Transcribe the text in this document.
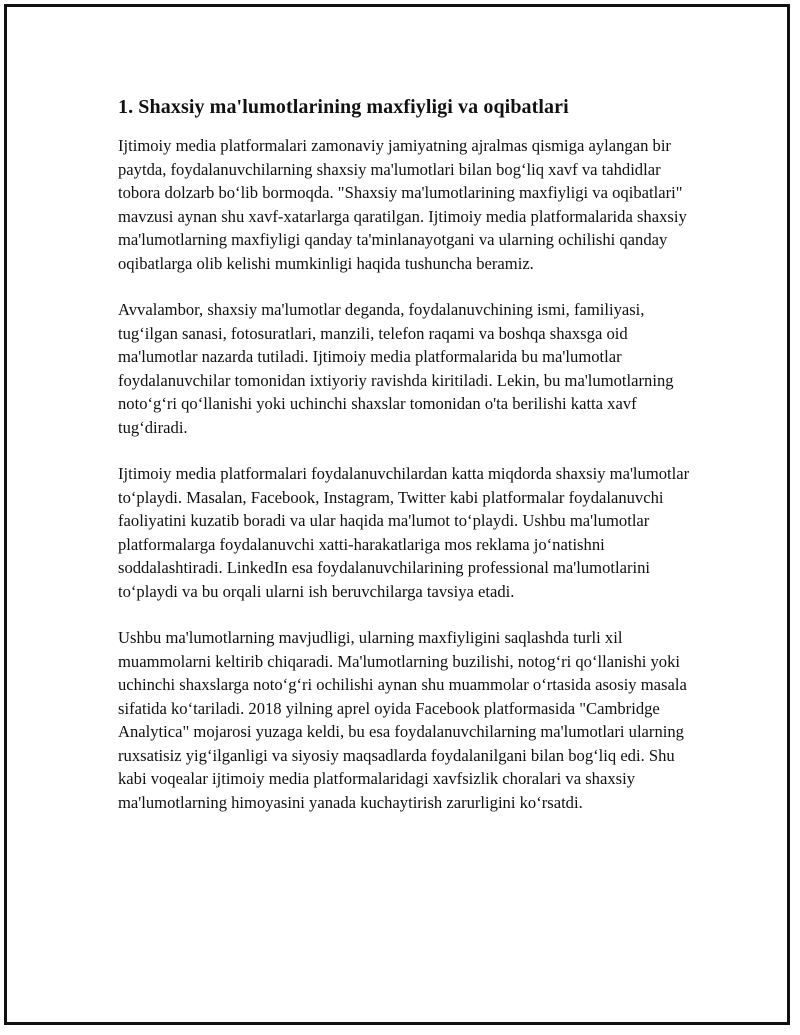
1. Shaxsiy ma'lumotlarining maxfiyligi va oqibatlari

Ijtimoiy media platformalari zamonaviy jamiyatning ajralmas qismiga aylangan bir paytda, foydalanuvchilarning shaxsiy ma'lumotlari bilan bog‘liq xavf va tahdidlar tobora dolzarb bo‘lib bormoqda. "Shaxsiy ma'lumotlarining maxfiyligi va oqibatlari" mavzusi aynan shu xavf-xatarlarga qaratilgan. Ijtimoiy media platformalarida shaxsiy ma'lumotlarning maxfiyligi qanday ta'minlanayotgani va ularning ochilishi qanday oqibatlarga olib kelishi mumkinligi haqida tushuncha beramiz.

Avvalambor, shaxsiy ma'lumotlar deganda, foydalanuvchining ismi, familiyasi, tug‘ilgan sanasi, fotosuratlari, manzili, telefon raqami va boshqa shaxsga oid ma'lumotlar nazarda tutiladi. Ijtimoiy media platformalarida bu ma'lumotlar foydalanuvchilar tomonidan ixtiyoriy ravishda kiritiladi. Lekin, bu ma'lumotlarning noto‘g‘ri qo‘llanishi yoki uchinchi shaxslar tomonidan o'ta berilishi katta xavf tug‘diradi.

Ijtimoiy media platformalari foydalanuvchilardan katta miqdorda shaxsiy ma'lumotlar to‘playdi. Masalan, Facebook, Instagram, Twitter kabi platformalar foydalanuvchi faoliyatini kuzatib boradi va ular haqida ma'lumot to‘playdi. Ushbu ma'lumotlar platformalarga foydalanuvchi xatti-harakatlariga mos reklama jo‘natishni soddalashtiradi. LinkedIn esa foydalanuvchilarining professional ma'lumotlarini to‘playdi va bu orqali ularni ish beruvchilarga tavsiya etadi.

Ushbu ma'lumotlarning mavjudligi, ularning maxfiyligini saqlashda turli xil muammolarni keltirib chiqaradi. Ma'lumotlarning buzilishi, notog‘ri qo‘llanishi yoki uchinchi shaxslarga noto‘g‘ri ochilishi aynan shu muammolar o‘rtasida asosiy masala sifatida ko‘tariladi. 2018 yilning aprel oyida Facebook platformasida "Cambridge Analytica" mojarosi yuzaga keldi, bu esa foydalanuvchilarning ma'lumotlari ularning ruxsatisiz yig‘ilganligi va siyosiy maqsadlarda foydalanilgani bilan bog‘liq edi. Shu kabi voqealar ijtimoiy media platformalaridagi xavfsizlik choralari va shaxsiy ma'lumotlarning himoyasini yanada kuchaytirish zarurligini ko‘rsatdi.
